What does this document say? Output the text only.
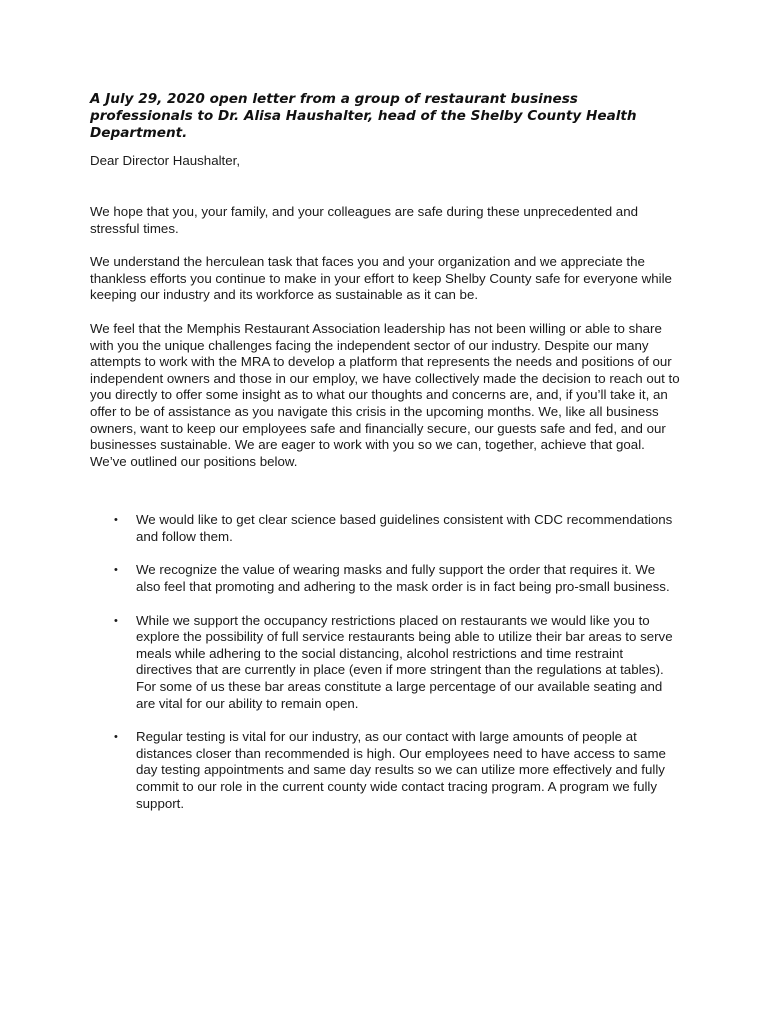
A July 29, 2020 open letter from a group of restaurant business professionals to Dr. Alisa Haushalter, head of the Shelby County Health Department.

Dear Director Haushalter,

We hope that you, your family, and your colleagues are safe during these unprecedented and stressful times.

We understand the herculean task that faces you and your organization and we appreciate the thankless efforts you continue to make in your effort to keep Shelby County safe for everyone while keeping our industry and its workforce as sustainable as it can be.

We feel that the Memphis Restaurant Association leadership has not been willing or able to share with you the unique challenges facing the independent sector of our industry. Despite our many attempts to work with the MRA to develop a platform that represents the needs and positions of our independent owners and those in our employ, we have collectively made the decision to reach out to you directly to offer some insight as to what our thoughts and concerns are, and, if you’ll take it, an offer to be of assistance as you navigate this crisis in the upcoming months. We, like all business owners, want to keep our employees safe and financially secure, our guests safe and fed, and our businesses sustainable. We are eager to work with you so we can, together, achieve that goal. We’ve outlined our positions below.

• We would like to get clear science based guidelines consistent with CDC recommendations and follow them.
• We recognize the value of wearing masks and fully support the order that requires it. We also feel that promoting and adhering to the mask order is in fact being pro-small business.
• While we support the occupancy restrictions placed on restaurants we would like you to explore the possibility of full service restaurants being able to utilize their bar areas to serve meals while adhering to the social distancing, alcohol restrictions and time restraint directives that are currently in place (even if more stringent than the regulations at tables). For some of us these bar areas constitute a large percentage of our available seating and are vital for our ability to remain open.
• Regular testing is vital for our industry, as our contact with large amounts of people at distances closer than recommended is high. Our employees need to have access to same day testing appointments and same day results so we can utilize more effectively and fully commit to our role in the current county wide contact tracing program. A program we fully support.
